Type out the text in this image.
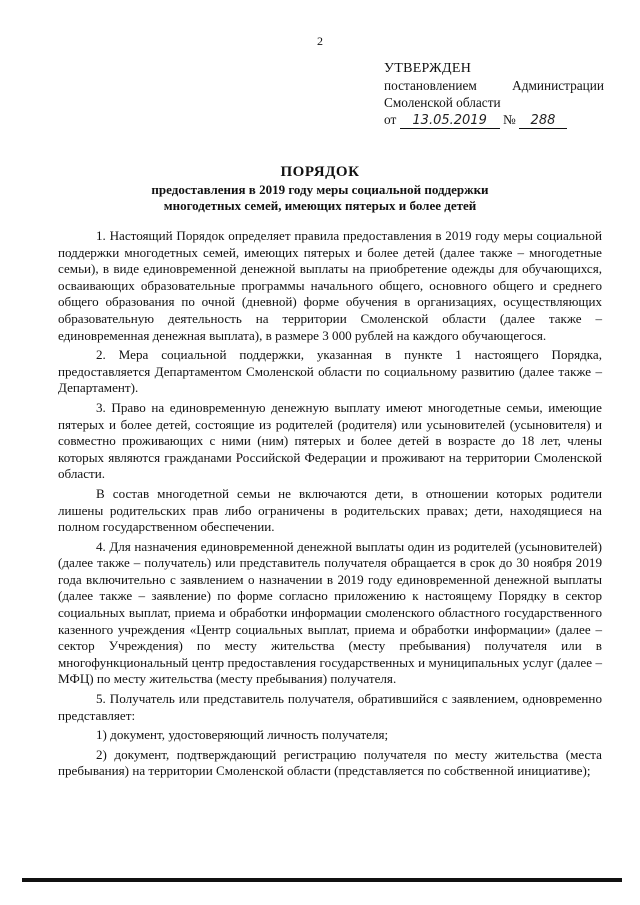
2
УТВЕРЖДЕН
постановлением	Администрации
Смоленской области
от 13.05.2019 № 288
ПОРЯДОК
предоставления в 2019 году меры социальной поддержки
многодетных семей, имеющих пятерых и более детей

1. Настоящий Порядок определяет правила предоставления в 2019 году меры социальной поддержки многодетных семей, имеющих пятерых и более детей (далее также – многодетные семьи), в виде единовременной денежной выплаты на приобретение одежды для обучающихся, осваивающих образовательные программы начального общего, основного общего и среднего общего образования по очной (дневной) форме обучения в организациях, осуществляющих образовательную деятельность на территории Смоленской области (далее также – единовременная денежная выплата), в размере 3 000 рублей на каждого обучающегося.

2. Мера социальной поддержки, указанная в пункте 1 настоящего Порядка, предоставляется Департаментом Смоленской области по социальному развитию (далее также – Департамент).

3. Право на единовременную денежную выплату имеют многодетные семьи, имеющие пятерых и более детей, состоящие из родителей (родителя) или усыновителей (усыновителя) и совместно проживающих с ними (ним) пятерых и более детей в возрасте до 18 лет, члены которых являются гражданами Российской Федерации и проживают на территории Смоленской области.

В состав многодетной семьи не включаются дети, в отношении которых родители лишены родительских прав либо ограничены в родительских правах; дети, находящиеся на полном государственном обеспечении.

4. Для назначения единовременной денежной выплаты один из родителей (усыновителей) (далее также – получатель) или представитель получателя обращается в срок до 30 ноября 2019 года включительно с заявлением о назначении в 2019 году единовременной денежной выплаты (далее также – заявление) по форме согласно приложению к настоящему Порядку в сектор социальных выплат, приема и обработки информации смоленского областного государственного казенного учреждения «Центр социальных выплат, приема и обработки информации» (далее – сектор Учреждения) по месту жительства (месту пребывания) получателя или в многофункциональный центр предоставления государственных и муниципальных услуг (далее – МФЦ) по месту жительства (месту пребывания) получателя.

5. Получатель или представитель получателя, обратившийся с заявлением, одновременно представляет:

1) документ, удостоверяющий личность получателя;

2) документ, подтверждающий регистрацию получателя по месту жительства (места пребывания) на территории Смоленской области (представляется по собственной инициативе);
